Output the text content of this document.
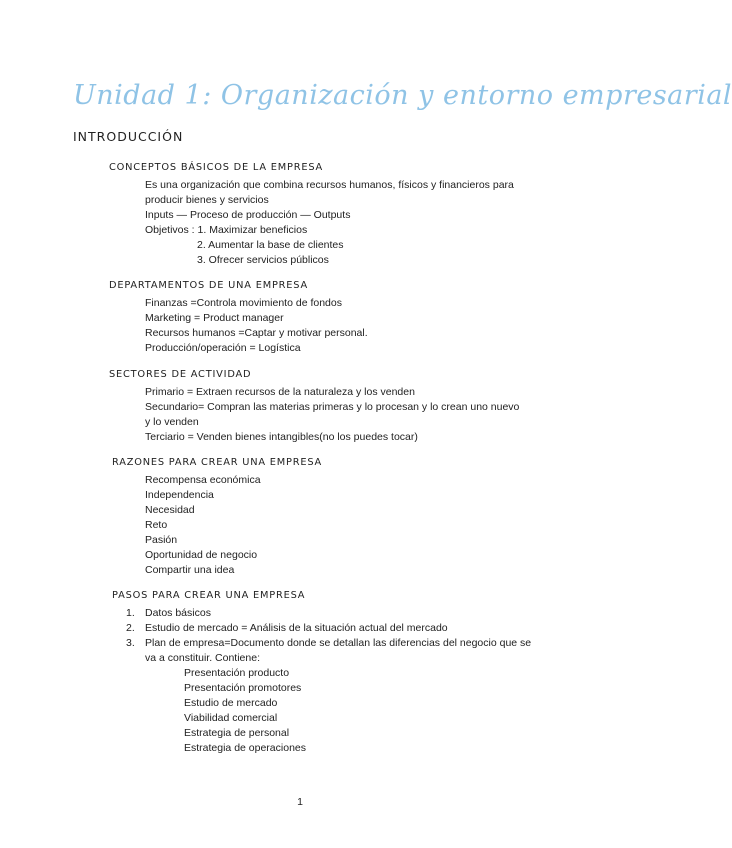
Unidad 1: Organización y entorno empresarial
INTRODUCCIÓN
CONCEPTOS BÁSICOS DE LA EMPRESA

Es una organización que combina recursos humanos, físicos y financieros para producir bienes y servicios

Inputs — Proceso de producción — Outputs

Objetivos : 1. Maximizar beneficios

2. Aumentar la base de clientes

3. Ofrecer servicios públicos

DEPARTAMENTOS DE UNA EMPRESA

Finanzas =Controla movimiento de fondos

Marketing = Product manager

Recursos humanos =Captar y motivar personal.

Producción/operación = Logística

SECTORES DE ACTIVIDAD

Primario = Extraen recursos de la naturaleza y los venden

Secundario= Compran las materias primeras y lo procesan y lo crean uno nuevo y lo venden

Terciario = Venden bienes intangibles(no los puedes tocar)

RAZONES PARA CREAR UNA EMPRESA

Recompensa económica

Independencia

Necesidad

Reto

Pasión

Oportunidad de negocio

Compartir una idea

PASOS PARA CREAR UNA EMPRESA
1. Datos básicos
2. Estudio de mercado = Análisis de la situación actual del mercado
3. Plan de empresa=Documento donde se detallan las diferencias del negocio que se va a constituir. Contiene:

Presentación producto

Presentación promotores

Estudio de mercado

Viabilidad comercial

Estrategia de personal

Estrategia de operaciones

1
